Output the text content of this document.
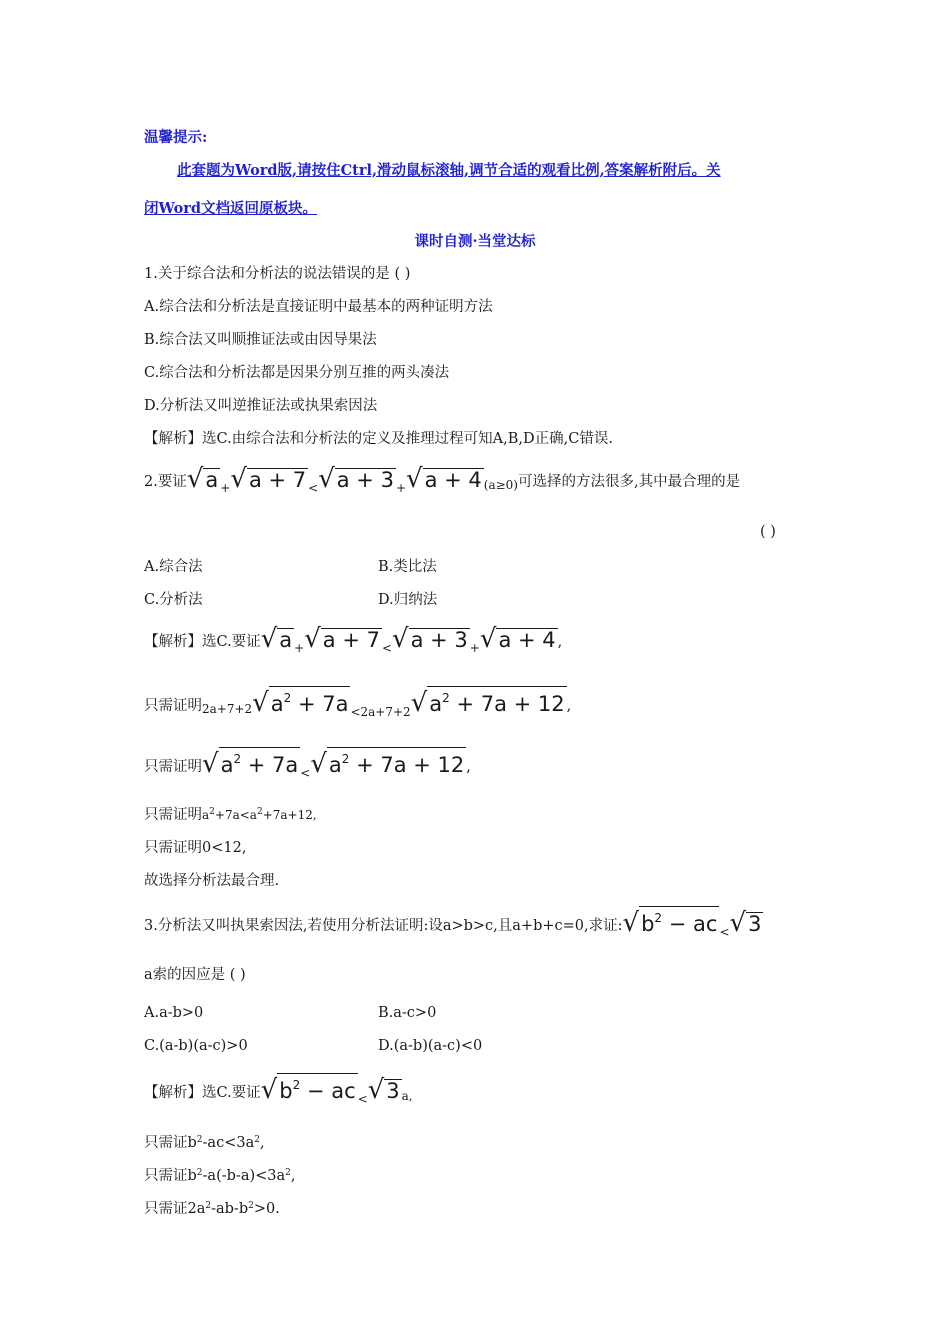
温馨提示:
此套题为Word版,请按住Ctrl,滑动鼠标滚轴,调节合适的观看比例,答案解析附后。关
闭Word文档返回原板块。
课时自测·当堂达标
1.关于综合法和分析法的说法错误的是 ( )
A.综合法和分析法是直接证明中最基本的两种证明方法
B.综合法又叫顺推证法或由因导果法
C.综合法和分析法都是因果分别互推的两头凑法
D.分析法又叫逆推证法或执果索因法
【解析】选C.由综合法和分析法的定义及推理过程可知A,B,D正确,C错误.
2.要证 √ a + √ a + 7 < √ a + 3 + √ a + 4 (a≥0) 可选择的方法很多,其中最合理的是
( )
A.综合法	B.类比法
C.分析法	D.归纳法
【解析】 选C.要证 √ a + √ a + 7 < √ a + 3 + √ a + 4 ,
只需证明 2a+7+2 √ $a^2 + 7a <2a+7+2$ √ $a^2 + 7a + 12$ ,
只需证明 √ $a^2 + 7a$ < √ $a^2 + 7a + 12$ ,
只需证明$a^2+7a<a^2+7a+12$,
只需证明0<12,
故选择分析法最合理.
3.分析法又叫执果索因法,若使用分析法证明:设a>b>c,且a+b+c=0,求证: √ $b^2$ − ac < √ 3
a索的因应是 ( )
A.a-b>0	B.a-c>0
C.(a-b)(a-c)>0	D.(a-b)(a-c)<0
【解析】 选C.要证 √ $b^2$ − ac < √ 3 a,
只需证$b^2-ac<3a^2$,
只需证$b^2-a(-b-a)<3a^2$,
只需证$2a^2-ab-b^2>0$.
